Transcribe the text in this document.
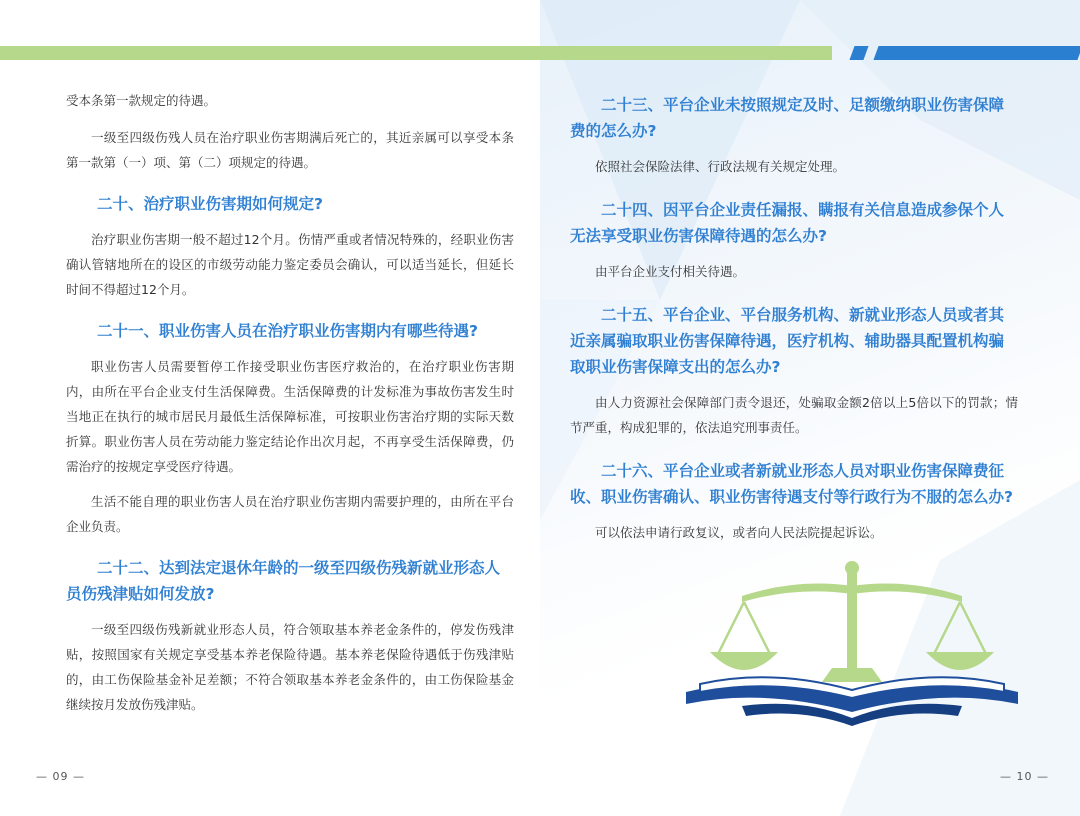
受本条第一款规定的待遇。

一级至四级伤残人员在治疗职业伤害期满后死亡的，其近亲属可以享受本条第一款第（一）项、第（二）项规定的待遇。

二十、治疗职业伤害期如何规定?

治疗职业伤害期一般不超过12个月。伤情严重或者情况特殊的，经职业伤害确认管辖地所在的设区的市级劳动能力鉴定委员会确认，可以适当延长，但延长时间不得超过12个月。

二十一、职业伤害人员在治疗职业伤害期内有哪些待遇?

职业伤害人员需要暂停工作接受职业伤害医疗救治的，在治疗职业伤害期内，由所在平台企业支付生活保障费。生活保障费的计发标准为事故伤害发生时当地正在执行的城市居民月最低生活保障标准，可按职业伤害治疗期的实际天数折算。职业伤害人员在劳动能力鉴定结论作出次月起，不再享受生活保障费，仍需治疗的按规定享受医疗待遇。

生活不能自理的职业伤害人员在治疗职业伤害期内需要护理的，由所在平台企业负责。

二十二、达到法定退休年龄的一级至四级伤残新就业形态人员伤残津贴如何发放?

一级至四级伤残新就业形态人员，符合领取基本养老金条件的，停发伤残津贴，按照国家有关规定享受基本养老保险待遇。基本养老保险待遇低于伤残津贴的，由工伤保险基金补足差额；不符合领取基本养老金条件的，由工伤保险基金继续按月发放伤残津贴。

二十三、平台企业未按照规定及时、足额缴纳职业伤害保障费的怎么办?

依照社会保险法律、行政法规有关规定处理。

二十四、因平台企业责任漏报、瞒报有关信息造成参保个人无法享受职业伤害保障待遇的怎么办?

由平台企业支付相关待遇。

二十五、平台企业、平台服务机构、新就业形态人员或者其近亲属骗取职业伤害保障待遇，医疗机构、辅助器具配置机构骗取职业伤害保障支出的怎么办?

由人力资源社会保障部门责令退还，处骗取金额2倍以上5倍以下的罚款；情节严重，构成犯罪的，依法追究刑事责任。

二十六、平台企业或者新就业形态人员对职业伤害保障费征收、职业伤害确认、职业伤害待遇支付等行政行为不服的怎么办?

可以依法申请行政复议，或者向人民法院提起诉讼。

— 09 —	— 10 —
